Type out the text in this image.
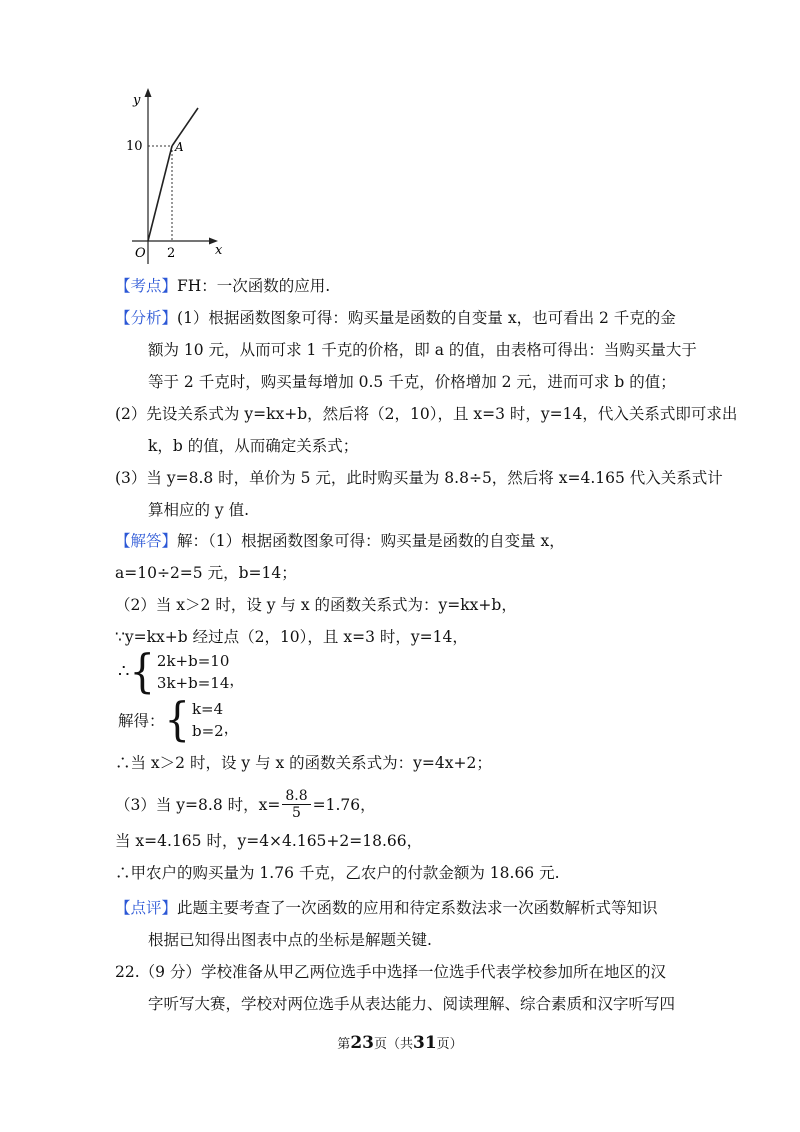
y
10	A
O 2	x
【考点】FH：一次函数的应用.
【分析】(1）根据函数图象可得：购买量是函数的自变量 x，也可看出 2 千克的金
额为 10 元，从而可求 1 千克的价格，即 a 的值，由表格可得出：当购买量大于
等于 2 千克时，购买量每增加 0.5 千克，价格增加 2 元，进而可求 b 的值；
(2）先设关系式为 y=kx+b，然后将（2，10），且 x=3 时，y=14，代入关系式即可求出
k，b 的值，从而确定关系式；
(3）当 y=8.8 时，单价为 5 元，此时购买量为 8.8÷5，然后将 x=4.165 代入关系式计
算相应的 y 值.
【解答】解：（1）根据函数图象可得：购买量是函数的自变量 x，
a=10÷2=5 元，b=14；
（2）当 x＞2 时，设 y 与 x 的函数关系式为：y=kx+b，
∵y=kx+b 经过点（2，10），且 x=3 时，y=14，
∴ { 2k+b=10
3k+b=14 ，
解得： { k=4
b=2 ，
∴当 x＞2 时，设 y 与 x 的函数关系式为：y=4x+2；
（3）当 y=8.8 时，$x= \frac{8.8}{5} =1.76$，
当 x=4.165 时，y=4×4.165+2=18.66，
∴甲农户的购买量为 1.76 千克，乙农户的付款金额为 18.66 元.
【点评】此题主要考查了一次函数的应用和待定系数法求一次函数解析式等知识
根据已知得出图表中点的坐标是解题关键.
22.（9 分）学校准备从甲乙两位选手中选择一位选手代表学校参加所在地区的汉
字听写大赛，学校对两位选手从表达能力、阅读理解、综合素质和汉字听写四
第23页（共31页）
